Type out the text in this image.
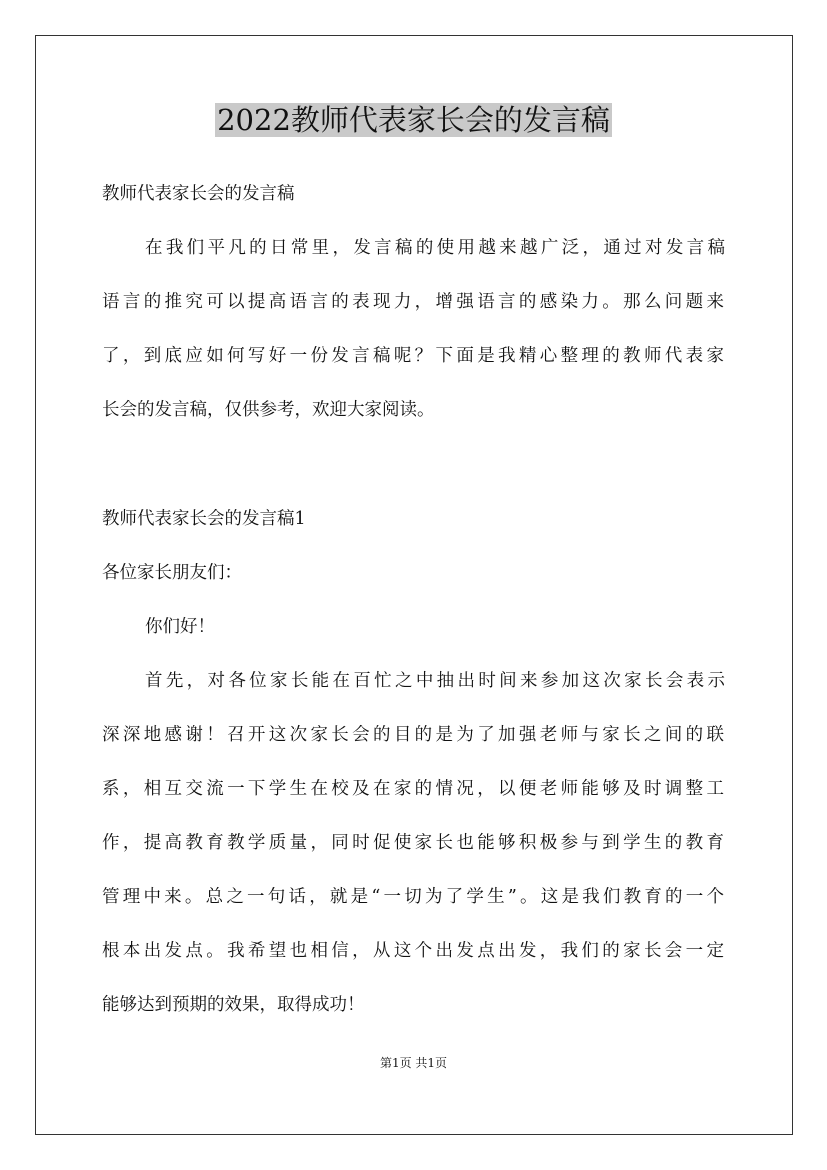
2022教师代表家长会的发言稿
教师代表家长会的发言稿
在我们平凡的日常里，发言稿的使用越来越广泛，通过对发言稿
语言的推究可以提高语言的表现力，增强语言的感染力。那么问题来
了，到底应如何写好一份发言稿呢？下面是我精心整理的教师代表家
长会的发言稿，仅供参考，欢迎大家阅读。
教师代表家长会的发言稿1
各位家长朋友们：
你们好！
首先，对各位家长能在百忙之中抽出时间来参加这次家长会表示
深深地感谢！召开这次家长会的目的是为了加强老师与家长之间的联
系，相互交流一下学生在校及在家的情况，以便老师能够及时调整工
作，提高教育教学质量，同时促使家长也能够积极参与到学生的教育
管理中来。总之一句话，就是“一切为了学生”。这是我们教育的一个
根本出发点。我希望也相信，从这个出发点出发，我们的家长会一定
能够达到预期的效果，取得成功！
第1页 共1页
